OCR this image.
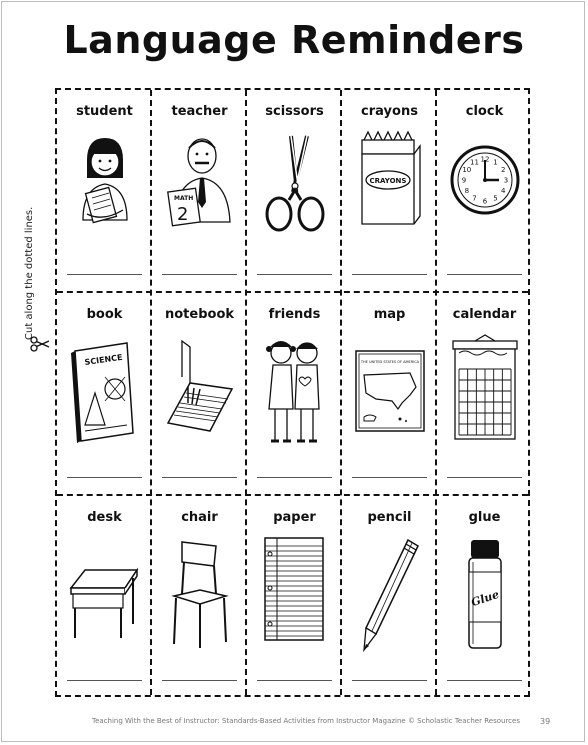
Language Reminders
Cut along the dotted lines.
student	teacher
MATH
2
scissors	crayons
CRAYONS
clock
12 1
2
3
4
5
6
7
8
9
10
11
book
SCIENCE
notebook	friends	map
THE UNITED STATES OF AMERICA
calendar
desk	chair	paper	pencil	glue
Glue
Teaching With the Best of Instructor: Standards-Based Activities from Instructor Magazine © Scholastic Teacher Resources	39
